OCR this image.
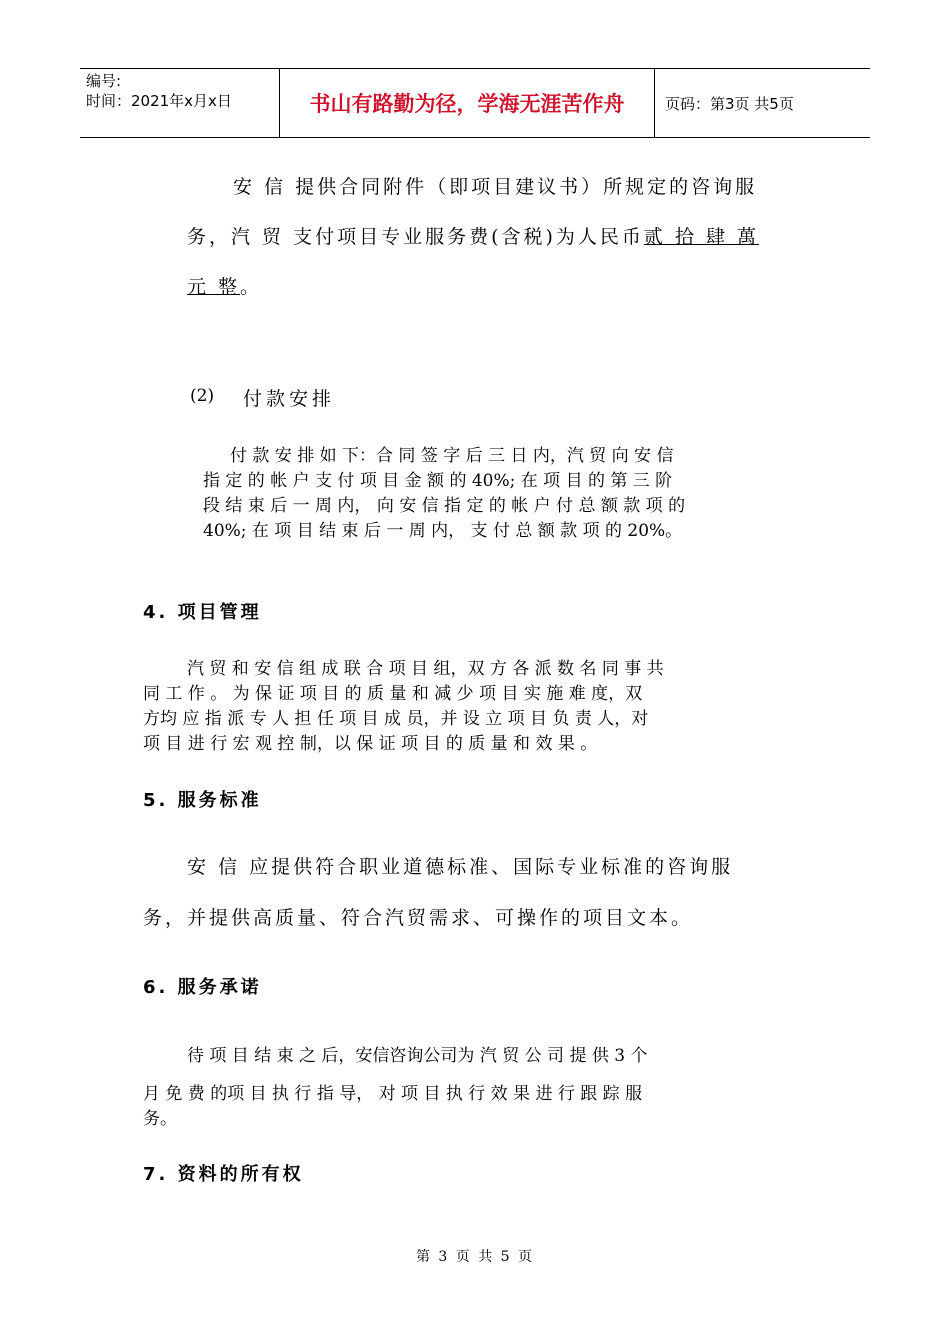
编号:
时间：2021年x月x日	书山有路勤为径，学海无涯苦作舟	页码：第3页 共5页
安 信 提供合同附件（即项目建议书）所规定的咨询服
务，汽 贸 支付项目专业服务费(含税)为人民币贰 拾 肆 萬
元 整。
(2) 付款安排
付 款 安 排 如 下：合 同 签 字 后 三 日 内，汽 贸 向 安 信
指 定 的 帐 户 支 付 项 目 金 额 的 40%; 在 项 目 的 第 三 阶
段 结 束 后 一 周 内， 向 安 信 指 定 的 帐 户 付 总 额 款 项 的
40%; 在 项 目 结 束 后 一 周 内， 支 付 总 额 款 项 的 20%。
4. 项目管理
汽 贸 和 安 信 组 成 联 合 项 目 组，双 方 各 派 数 名 同 事 共
同 工 作 。 为 保 证 项 目 的 质 量 和 减 少 项 目 实 施 难 度，双
方均 应 指 派 专 人 担 任 项 目 成 员，并 设 立 项 目 负 责 人，对
项 目 进 行 宏 观 控 制，以 保 证 项 目 的 质 量 和 效 果 。
5. 服务标准
安 信 应提供符合职业道德标准、国际专业标准的咨询服
务，并提供高质量、符合汽贸需求、可操作的项目文本。
6. 服务承诺
待 项 目 结 束 之 后，安信咨询公司为 汽 贸 公 司 提 供 3 个
月 免 费 的项 目 执 行 指 导， 对 项 目 执 行 效 果 进 行 跟 踪 服
务。
7. 资料的所有权
第 3 页 共 5 页
